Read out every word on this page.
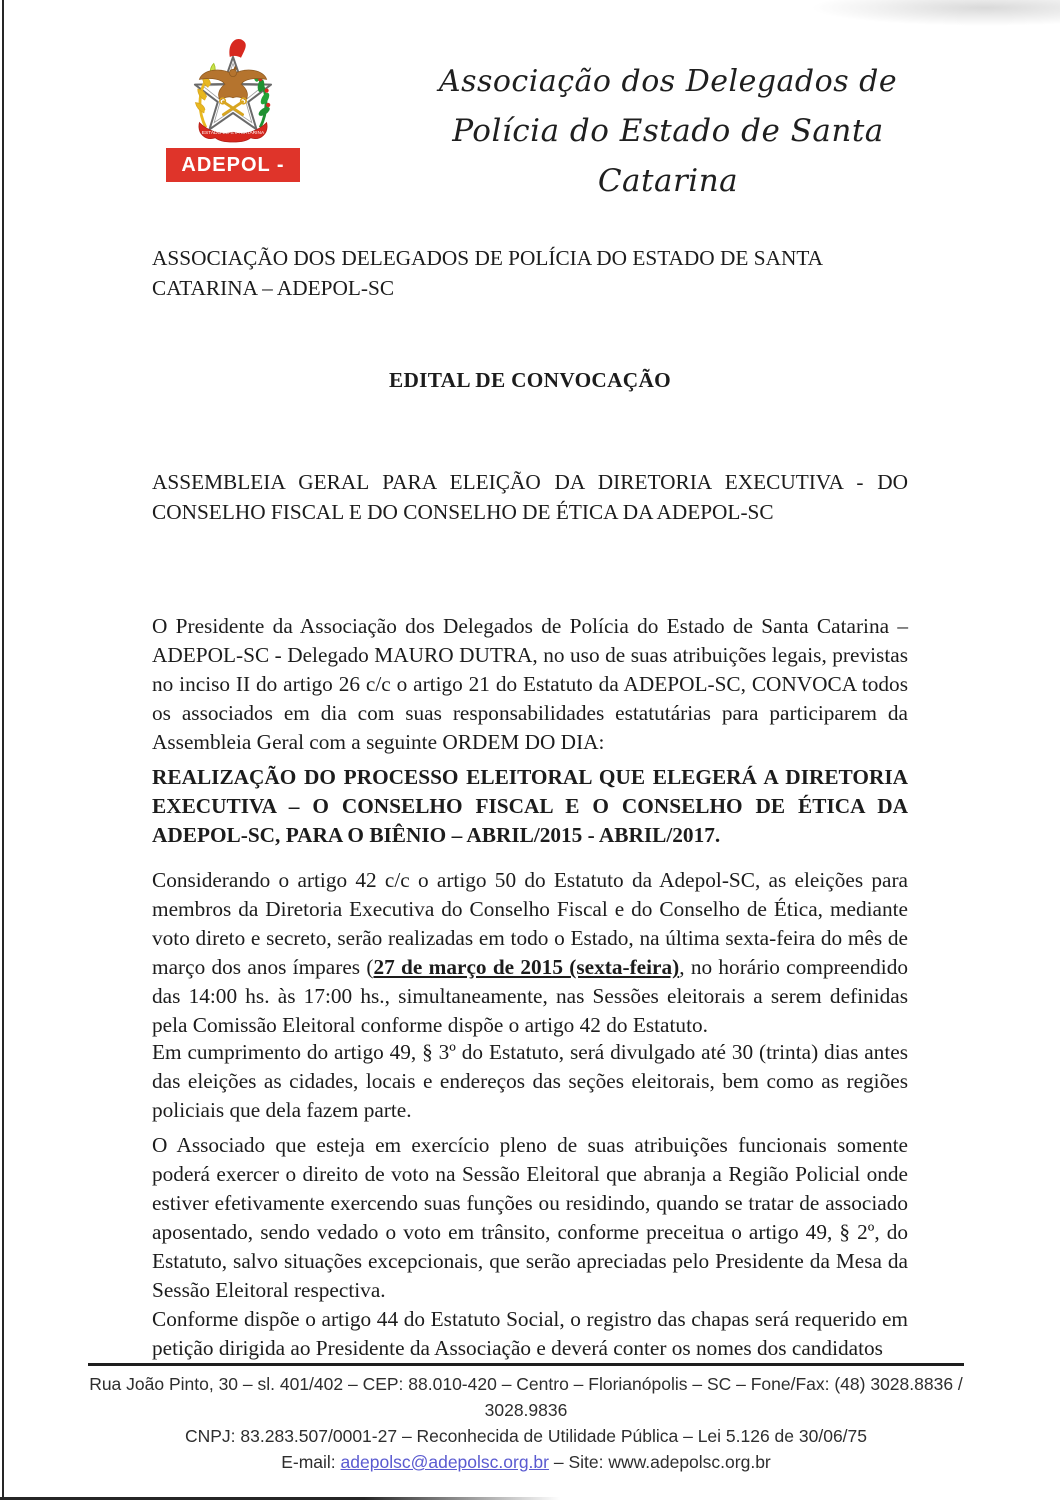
ESTADO DE STA CATARINA
ADEPOL - SC
Associação dos Delegados de
Polícia do Estado de Santa Catarina
ASSOCIAÇÃO DOS DELEGADOS DE POLÍCIA DO ESTADO DE SANTA CATARINA – ADEPOL-SC
EDITAL DE CONVOCAÇÃO
ASSEMBLEIA GERAL PARA ELEIÇÃO DA DIRETORIA EXECUTIVA - DO CONSELHO FISCAL E DO CONSELHO DE ÉTICA DA ADEPOL-SC

O Presidente da Associação dos Delegados de Polícia do Estado de Santa Catarina – ADEPOL-SC - Delegado MAURO DUTRA, no uso de suas atribuições legais, previstas no inciso II do artigo 26 c/c o artigo 21 do Estatuto da ADEPOL-SC, CONVOCA todos os associados em dia com suas responsabilidades estatutárias para participarem da Assembleia Geral com a seguinte ORDEM DO DIA:

REALIZAÇÃO DO PROCESSO ELEITORAL QUE ELEGERÁ A DIRETORIA EXECUTIVA – O CONSELHO FISCAL E O CONSELHO DE ÉTICA DA ADEPOL-SC, PARA O BIÊNIO – ABRIL/2015 - ABRIL/2017.

Considerando o artigo 42 c/c o artigo 50 do Estatuto da Adepol-SC, as eleições para membros da Diretoria Executiva do Conselho Fiscal e do Conselho de Ética, mediante voto direto e secreto, serão realizadas em todo o Estado, na última sexta-feira do mês de março dos anos ímpares (27 de março de 2015 (sexta-feira), no horário compreendido das 14:00 hs. às 17:00 hs., simultaneamente, nas Sessões eleitorais a serem definidas pela Comissão Eleitoral conforme dispõe o artigo 42 do Estatuto.

Em cumprimento do artigo 49, § 3º do Estatuto, será divulgado até 30 (trinta) dias antes das eleições as cidades, locais e endereços das seções eleitorais, bem como as regiões policiais que dela fazem parte.

O Associado que esteja em exercício pleno de suas atribuições funcionais somente poderá exercer o direito de voto na Sessão Eleitoral que abranja a Região Policial onde estiver efetivamente exercendo suas funções ou residindo, quando se tratar de associado aposentado, sendo vedado o voto em trânsito, conforme preceitua o artigo 49, § 2º, do Estatuto, salvo situações excepcionais, que serão apreciadas pelo Presidente da Mesa da Sessão Eleitoral respectiva.

Conforme dispõe o artigo 44 do Estatuto Social, o registro das chapas será requerido em petição dirigida ao Presidente da Associação e deverá conter os nomes dos candidatos

Rua João Pinto, 30 – sl. 401/402 – CEP: 88.010-420 – Centro – Florianópolis – SC – Fone/Fax: (48) 3028.8836 / 3028.9836
CNPJ: 83.283.507/0001-27 – Reconhecida de Utilidade Pública – Lei 5.126 de 30/06/75
E-mail: adepolsc@adepolsc.org.br – Site: www.adepolsc.org.br
